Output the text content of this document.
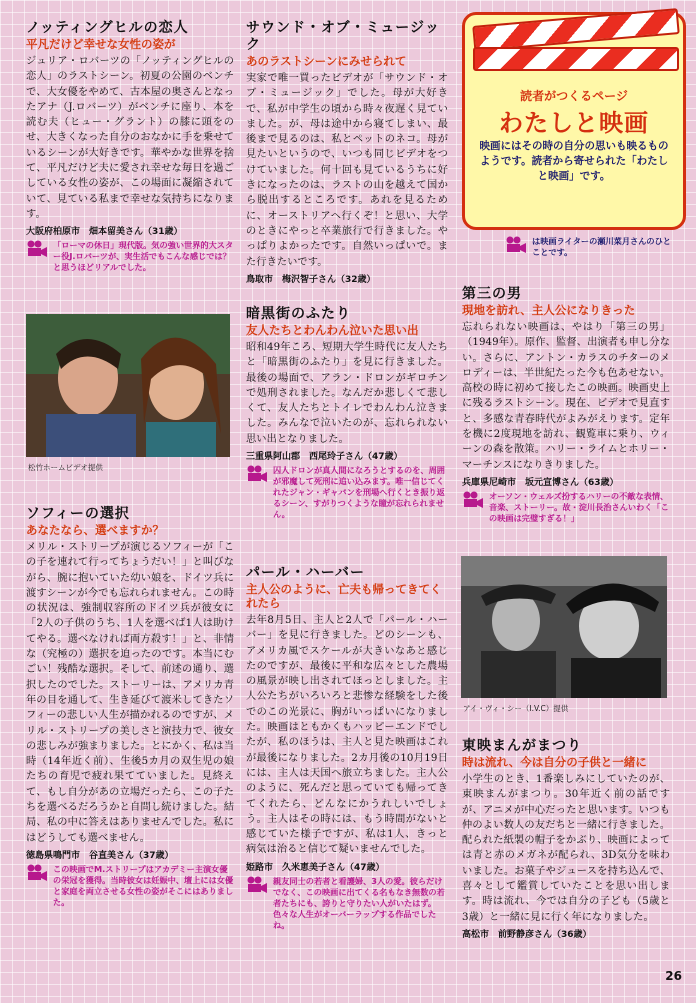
ノッティングヒルの恋人
平凡だけど幸せな女性の姿が
ジュリア・ロバーツの「ノッティングヒルの恋人」のラストシーン。初夏の公園のベンチで、大女優をやめて、古本屋の奥さんとなったアナ（J.ロバーツ）がベンチに座り、本を読む夫（ヒュー・グラント）の膝に頭をのせ、大きくなった自分のおなかに手を乗せているシーンが大好きです。華やかな世界を捨て、平凡だけど夫に愛され幸せな毎日を過ごしている女性の姿が、この場面に凝縮されていて、見ている私まで幸せな気持ちになります。
大阪府柏原市　畑本留美さん（31歳）
「ローマの休日」現代版。気の強い世界的大スター役J.ロバーツが、実生活でもこんな感じでは？と思うほどリアルでした。
松竹ホームビデオ提供
ソフィーの選択
あなたなら、選べますか？
メリル・ストリープが演じるソフィーが「この子を連れて行ってちょうだい！」と叫びながら、腕に抱いていた幼い娘を、ドイツ兵に渡すシーンが今でも忘れられません。この時の状況は、強制収容所のドイツ兵が彼女に「2人の子供のうち、1人を選べば1人は助けてやる。選べなければ両方殺す！」と、非情な（究極の）選択を迫ったのです。本当にむごい！残酷な選択。そして、前述の通り、選択したのでした。ストーリーは、アメリカ青年の目を通して、生き延びて渡米してきたソフィーの悲しい人生が描かれるのですが、メリル・ストリープの美しさと演技力で、彼女の悲しみが強まりました。とにかく、私は当時（14年近く前）、生後5カ月の双生児の娘たちの育児で疲れ果てていました。見終えて、もし自分があの立場だったら、この子たちを選べるだろうかと自問し続けました。結局、私の中に答えはありませんでした。私にはどうしても選べません。
徳島県鳴門市　谷直美さん（37歳）
この映画でM.ストリープはアカデミー主演女優の栄冠を獲得。当時彼女は妊娠中、壇上には女優と家庭を両立させる女性の姿がそこにはありました。
サウンド・オブ・ミュージック
あのラストシーンにみせられて
実家で唯一買ったビデオが「サウンド・オブ・ミュージック」でした。母が大好きで、私が中学生の頃から時々夜遅く見ていました。が、母は途中から寝てしまい、最後まで見るのは、私とペットのネコ。母が見たいというので、いつも同じビデオをつけていました。何十回も見ているうちに好きになったのは、ラストの山を越えて国から脱出するところです。あれを見るために、オーストリアへ行くぞ！と思い、大学のときにやっと卒業旅行で行きました。やっぱりよかったです。自然いっぱいで。また行きたいです。
鳥取市　梅沢智子さん（32歳）
暗黒街のふたり
友人たちとわんわん泣いた思い出
昭和49年ころ、短期大学生時代に友人たちと「暗黒街のふたり」を見に行きました。最後の場面で、アラン・ドロンがギロチンで処刑されました。なんだか悲しくて悲しくて、友人たちとトイレでわんわん泣きました。みんなで泣いたのが、忘れられない思い出となりました。
三重県阿山郡　西尾玲子さん（47歳）
囚人ドロンが真人間になろうとするのを、周囲が邪魔して死刑に追い込みます。唯一信じてくれたジャン・ギャバンを刑場へ行くとき振り返るシーン、すがりつくような瞳が忘れられません。
パール・ハーバー
主人公のように、亡夫も帰ってきてくれたら
去年8月5日、主人と2人で「パール・ハーバー」を見に行きました。どのシーンも、アメリカ風でスケールが大きいなあと感じたのですが、最後に平和な広々とした農場の風景が映し出されてほっとしました。主人公たちがいろいろと悲惨な経験をした後でのこの光景に、胸がいっぱいになりました。映画はともかくもハッピーエンドでしたが、私のほうは、主人と見た映画はこれが最後になりました。2カ月後の10月19日には、主人は天国へ旅立ちました。主人公のように、死んだと思っていても帰ってきてくれたら、どんなにかうれしいでしょう。主人はその時には、もう時間がないと感じていた様子ですが、私は1人、きっと病気は治ると信じて疑いませんでした。
姫路市　久米恵美子さん（47歳）
親友同士の若者と看護婦、3人の愛。彼らだけでなく、この映画に出てくる名もなき無数の若者たちにも、誇りと守りたい人がいたはず。色々な人生がオーバーラップする作品でしたね。
読者がつくるページ
わたしと映画
映画にはその時の自分の思いも映るものようです。読者から寄せられた「わたしと映画」です。
は映画ライターの瀬川菜月さんのひとことです。
第三の男
現地を訪れ、主人公になりきった
忘れられない映画は、やはり「第三の男」（1949年）。原作、監督、出演者も申し分ない。さらに、アントン・カラスのチターのメロディーは、半世紀たった今も色あせない。高校の時に初めて接したこの映画。映画史上に残るラストシーン。現在、ビデオで見直すと、多感な青春時代がよみがえります。定年を機に2度現地を訪れ、観覧車に乗り、ウィーンの森を散策。ハリー・ライムとホリー・マーチンスになりきりました。
兵庫県尼崎市　坂元宣博さん（63歳）
オーソン・ウェルズ扮するハリーの不敵な表情、音楽、ストーリー。故・淀川長治さんいわく「この映画は完璧すぎる！」
アイ・ヴィ・シー（I.V.C）提供
東映まんがまつり
時は流れ、今は自分の子供と一緒に
小学生のとき、1番楽しみにしていたのが、東映まんがまつり。30年近く前の話ですが、アニメが中心だったと思います。いつも仲のよい数人の友だちと一緒に行きました。配られた紙製の帽子をかぶり、映画によっては青と赤のメガネが配られ、3D気分を味わいました。お菓子やジュースを持ち込んで、喜々として鑑賞していたことを思い出します。時は流れ、今では自分の子ども（5歳と3歳）と一緒に見に行く年になりました。
高松市　前野静彦さん（36歳）
26
